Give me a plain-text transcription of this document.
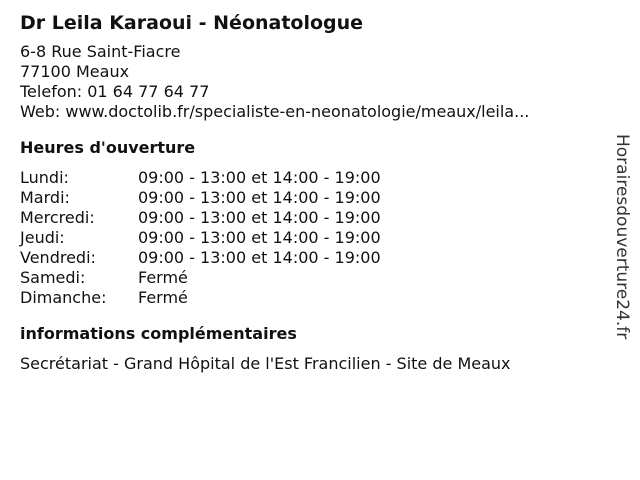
Dr Leila Karaoui - Néonatologue
6-8 Rue Saint-Fiacre
77100 Meaux
Telefon: 01 64 77 64 77
Web: www.doctolib.fr/specialiste-en-neonatologie/meaux/leila...
Heures d'ouverture
Lundi:	09:00 - 13:00 et 14:00 - 19:00
Mardi:	09:00 - 13:00 et 14:00 - 19:00
Mercredi:	09:00 - 13:00 et 14:00 - 19:00
Jeudi:	09:00 - 13:00 et 14:00 - 19:00
Vendredi:	09:00 - 13:00 et 14:00 - 19:00
Samedi:	Fermé
Dimanche:	Fermé
informations complémentaires
Secrétariat - Grand Hôpital de l'Est Francilien - Site de Meaux
Horairesdouverture24.fr
